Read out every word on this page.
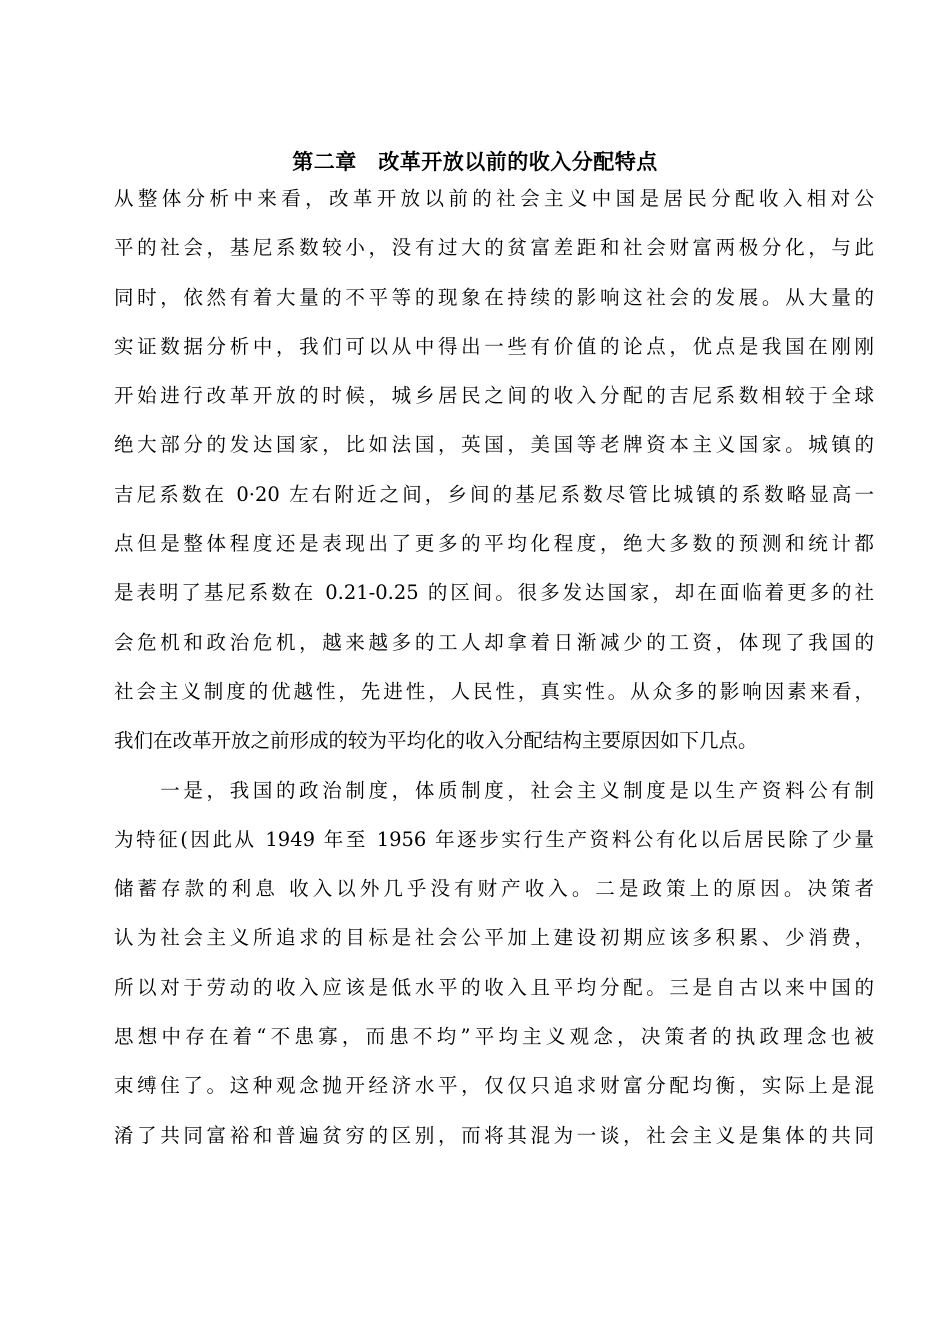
第二章　改革开放以前的收入分配特点
从整体分析中来看，改革开放以前的社会主义中国是居民分配收入相对公
平的社会，基尼系数较小，没有过大的贫富差距和社会财富两极分化，与此
同时，依然有着大量的不平等的现象在持续的影响这社会的发展。从大量的
实证数据分析中，我们可以从中得出一些有价值的论点，优点是我国在刚刚
开始进行改革开放的时候，城乡居民之间的收入分配的吉尼系数相较于全球
绝大部分的发达国家，比如法国，英国，美国等老牌资本主义国家。城镇的
吉尼系数在 0·20 左右附近之间，乡间的基尼系数尽管比城镇的系数略显高一
点但是整体程度还是表现出了更多的平均化程度，绝大多数的预测和统计都
是表明了基尼系数在 0.21-0.25 的区间。很多发达国家，却在面临着更多的社
会危机和政治危机，越来越多的工人却拿着日渐减少的工资，体现了我国的
社会主义制度的优越性，先进性，人民性，真实性。从众多的影响因素来看，
我们在改革开放之前形成的较为平均化的收入分配结构主要原因如下几点。
　　一是，我国的政治制度，体质制度，社会主义制度是以生产资料公有制
为特征(因此从 1949 年至 1956 年逐步实行生产资料公有化以后居民除了少量
储蓄存款的利息 收入以外几乎没有财产收入。二是政策上的原因。决策者
认为社会主义所追求的目标是社会公平加上建设初期应该多积累、少消费，
所以对于劳动的收入应该是低水平的收入且平均分配。三是自古以来中国的
思想中存在着“不患寡，而患不均”平均主义观念，决策者的执政理念也被
束缚住了。这种观念抛开经济水平，仅仅只追求财富分配均衡，实际上是混
淆了共同富裕和普遍贫穷的区别，而将其混为一谈，社会主义是集体的共同
